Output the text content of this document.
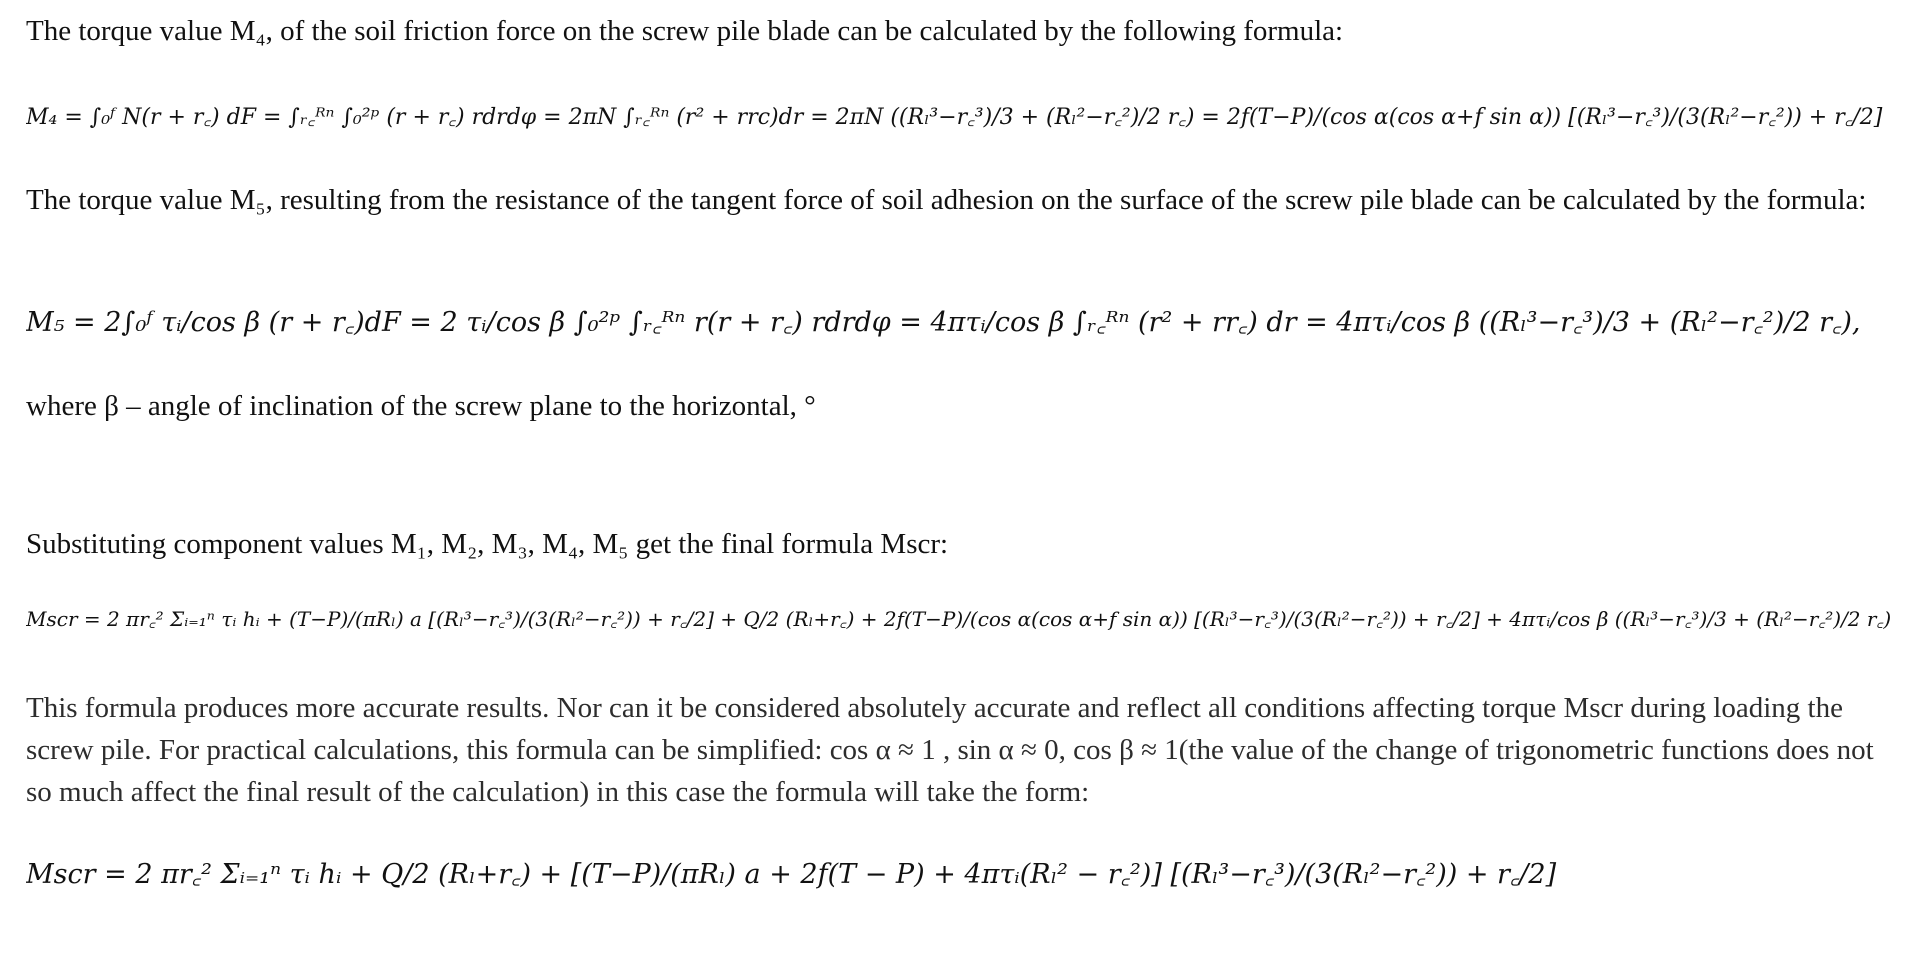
The torque value M₄, of the soil friction force on the screw pile blade can be calculated by the following formula:

M₄ = ∫₀ᶠ N(r + r꜀) dF = ∫ᵣ꜀ᴿⁿ ∫₀²ᵖ (r + r꜀) rdrdφ = 2πN ∫ᵣ꜀ᴿⁿ (r² + rrc)dr = 2πN ((Rₗ³−r꜀³)/3 + (Rₗ²−r꜀²)/2 r꜀) = 2f(T−P)/(cos α(cos α+f sin α)) [(Rₗ³−r꜀³)/(3(Rₗ²−r꜀²)) + r꜀/2]

The torque value M₅, resulting from the resistance of the tangent force of soil adhesion on the surface of the screw pile blade can be calculated by the formula:

M₅ = 2∫₀ᶠ τᵢ/cos β (r + r꜀)dF = 2 τᵢ/cos β ∫₀²ᵖ ∫ᵣ꜀ᴿⁿ r(r + r꜀) rdrdφ = 4πτᵢ/cos β ∫ᵣ꜀ᴿⁿ (r² + rr꜀) dr = 4πτᵢ/cos β ((Rₗ³−r꜀³)/3 + (Rₗ²−r꜀²)/2 r꜀),

where β – angle of inclination of the screw plane to the horizontal, °

Substituting component values M₁, M₂, M₃, M₄, M₅ get the final formula Mscr:

Mscr = 2 πr꜀² Σᵢ₌₁ⁿ τᵢ hᵢ + (T−P)/(πRₗ) a [(Rₗ³−r꜀³)/(3(Rₗ²−r꜀²)) + r꜀/2] + Q/2 (Rₗ+r꜀) + 2f(T−P)/(cos α(cos α+f sin α)) [(Rₗ³−r꜀³)/(3(Rₗ²−r꜀²)) + r꜀/2] + 4πτᵢ/cos β ((Rₗ³−r꜀³)/3 + (Rₗ²−r꜀²)/2 r꜀)

This formula produces more accurate results. Nor can it be considered absolutely accurate and reflect all conditions affecting torque Mscr during loading the screw pile. For practical calculations, this formula can be simplified: cos α ≈ 1 , sin α ≈ 0, cos β ≈ 1(the value of the change of trigonometric functions does not so much affect the final result of the calculation) in this case the formula will take the form:

Mscr = 2 πr꜀² Σᵢ₌₁ⁿ τᵢ hᵢ + Q/2 (Rₗ+r꜀) + [(T−P)/(πRₗ) a + 2f(T − P) + 4πτᵢ(Rₗ² − r꜀²)] [(Rₗ³−r꜀³)/(3(Rₗ²−r꜀²)) + r꜀/2]
